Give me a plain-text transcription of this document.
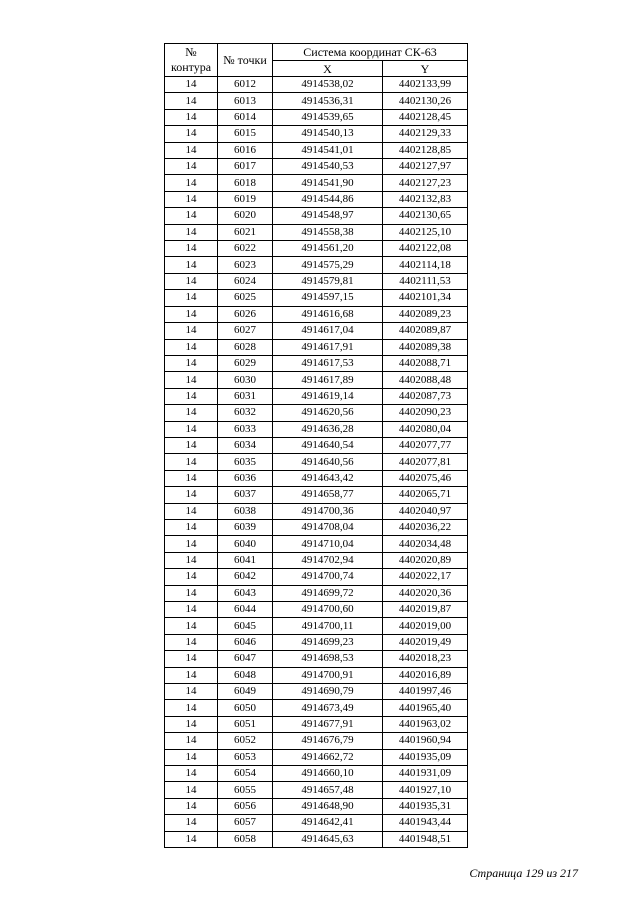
№
контура	№ точки	Система координат СК-63	
		X	Y
14	6012	4914538,02	4402133,99
14	6013	4914536,31	4402130,26
14	6014	4914539,65	4402128,45
14	6015	4914540,13	4402129,33
14	6016	4914541,01	4402128,85
14	6017	4914540,53	4402127,97
14	6018	4914541,90	4402127,23
14	6019	4914544,86	4402132,83
14	6020	4914548,97	4402130,65
14	6021	4914558,38	4402125,10
14	6022	4914561,20	4402122,08
14	6023	4914575,29	4402114,18
14	6024	4914579,81	4402111,53
14	6025	4914597,15	4402101,34
14	6026	4914616,68	4402089,23
14	6027	4914617,04	4402089,87
14	6028	4914617,91	4402089,38
14	6029	4914617,53	4402088,71
14	6030	4914617,89	4402088,48
14	6031	4914619,14	4402087,73
14	6032	4914620,56	4402090,23
14	6033	4914636,28	4402080,04
14	6034	4914640,54	4402077,77
14	6035	4914640,56	4402077,81
14	6036	4914643,42	4402075,46
14	6037	4914658,77	4402065,71
14	6038	4914700,36	4402040,97
14	6039	4914708,04	4402036,22
14	6040	4914710,04	4402034,48
14	6041	4914702,94	4402020,89
14	6042	4914700,74	4402022,17
14	6043	4914699,72	4402020,36
14	6044	4914700,60	4402019,87
14	6045	4914700,11	4402019,00
14	6046	4914699,23	4402019,49
14	6047	4914698,53	4402018,23
14	6048	4914700,91	4402016,89
14	6049	4914690,79	4401997,46
14	6050	4914673,49	4401965,40
14	6051	4914677,91	4401963,02
14	6052	4914676,79	4401960,94
14	6053	4914662,72	4401935,09
14	6054	4914660,10	4401931,09
14	6055	4914657,48	4401927,10
14	6056	4914648,90	4401935,31
14	6057	4914642,41	4401943,44
14	6058	4914645,63	4401948,51
Страница 129 из 217
